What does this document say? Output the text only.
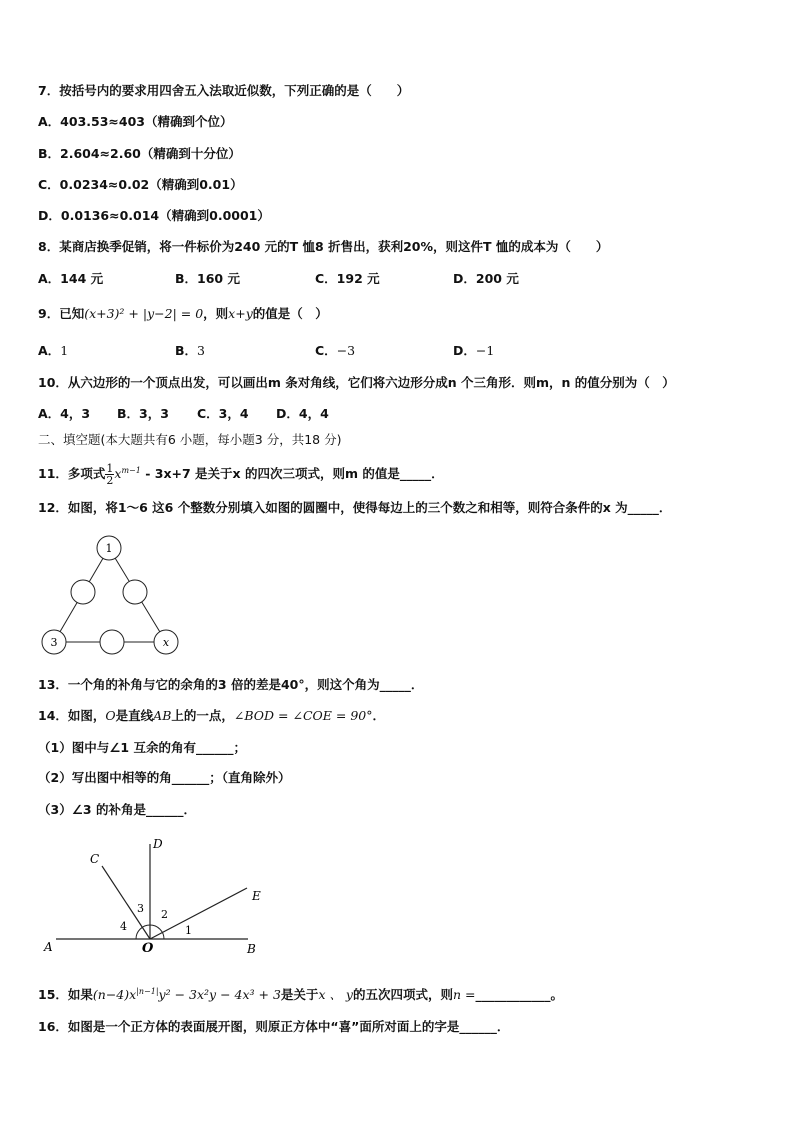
7．按括号内的要求用四舍五入法取近似数，下列正确的是（　　）
A．403.53≈403（精确到个位）
B．2.604≈2.60（精确到十分位）
C．0.0234≈0.02（精确到0.01）
D．0.0136≈0.014（精确到0.0001）
8．某商店换季促销，将一件标价为240 元的T 恤8 折售出，获利20%，则这件T 恤的成本为（　　）
A．144 元	B．160 元	C．192 元	D．200 元
9．已知(x+3)² + |y−2| = 0，则x+y的值是（　）
A．1	B．3	C．−3	D．−1
10．从六边形的一个顶点出发，可以画出m 条对角线，它们将六边形分成n 个三角形．则m，n 的值分别为（　）
A．4，3 B．3，3 C．3，4 D．4，4
二、填空题(本大题共有6 小题，每小题3 分，共18 分)
11．多项式 $\frac{1}{2} x^{m-1} - 3x+7$ 是关于x 的四次三项式，则m 的值是_____．
12．如图，将1～6 这6 个整数分别填入如图的圆圈中，使得每边上的三个数之和相等，则符合条件的x 为_____．
1
3	x
13．一个角的补角与它的余角的3 倍的差是40°，则这个角为_____．
14．如图，O是直线AB上的一点，∠BOD = ∠COE = 90°．
（1）图中与∠1 互余的角有______；
（2）写出图中相等的角______；（直角除外）
（3）∠3 的补角是______．
A	B
C
D
E
O
1
2
3
4
15．如果$(n-4)x^{|n-1|}y^2 - 3x^2y - 4x^3 + 3$是关于x 、 y的五次四项式，则n =____________。
16．如图是一个正方体的表面展开图，则原正方体中“喜”面所对面上的字是______．
